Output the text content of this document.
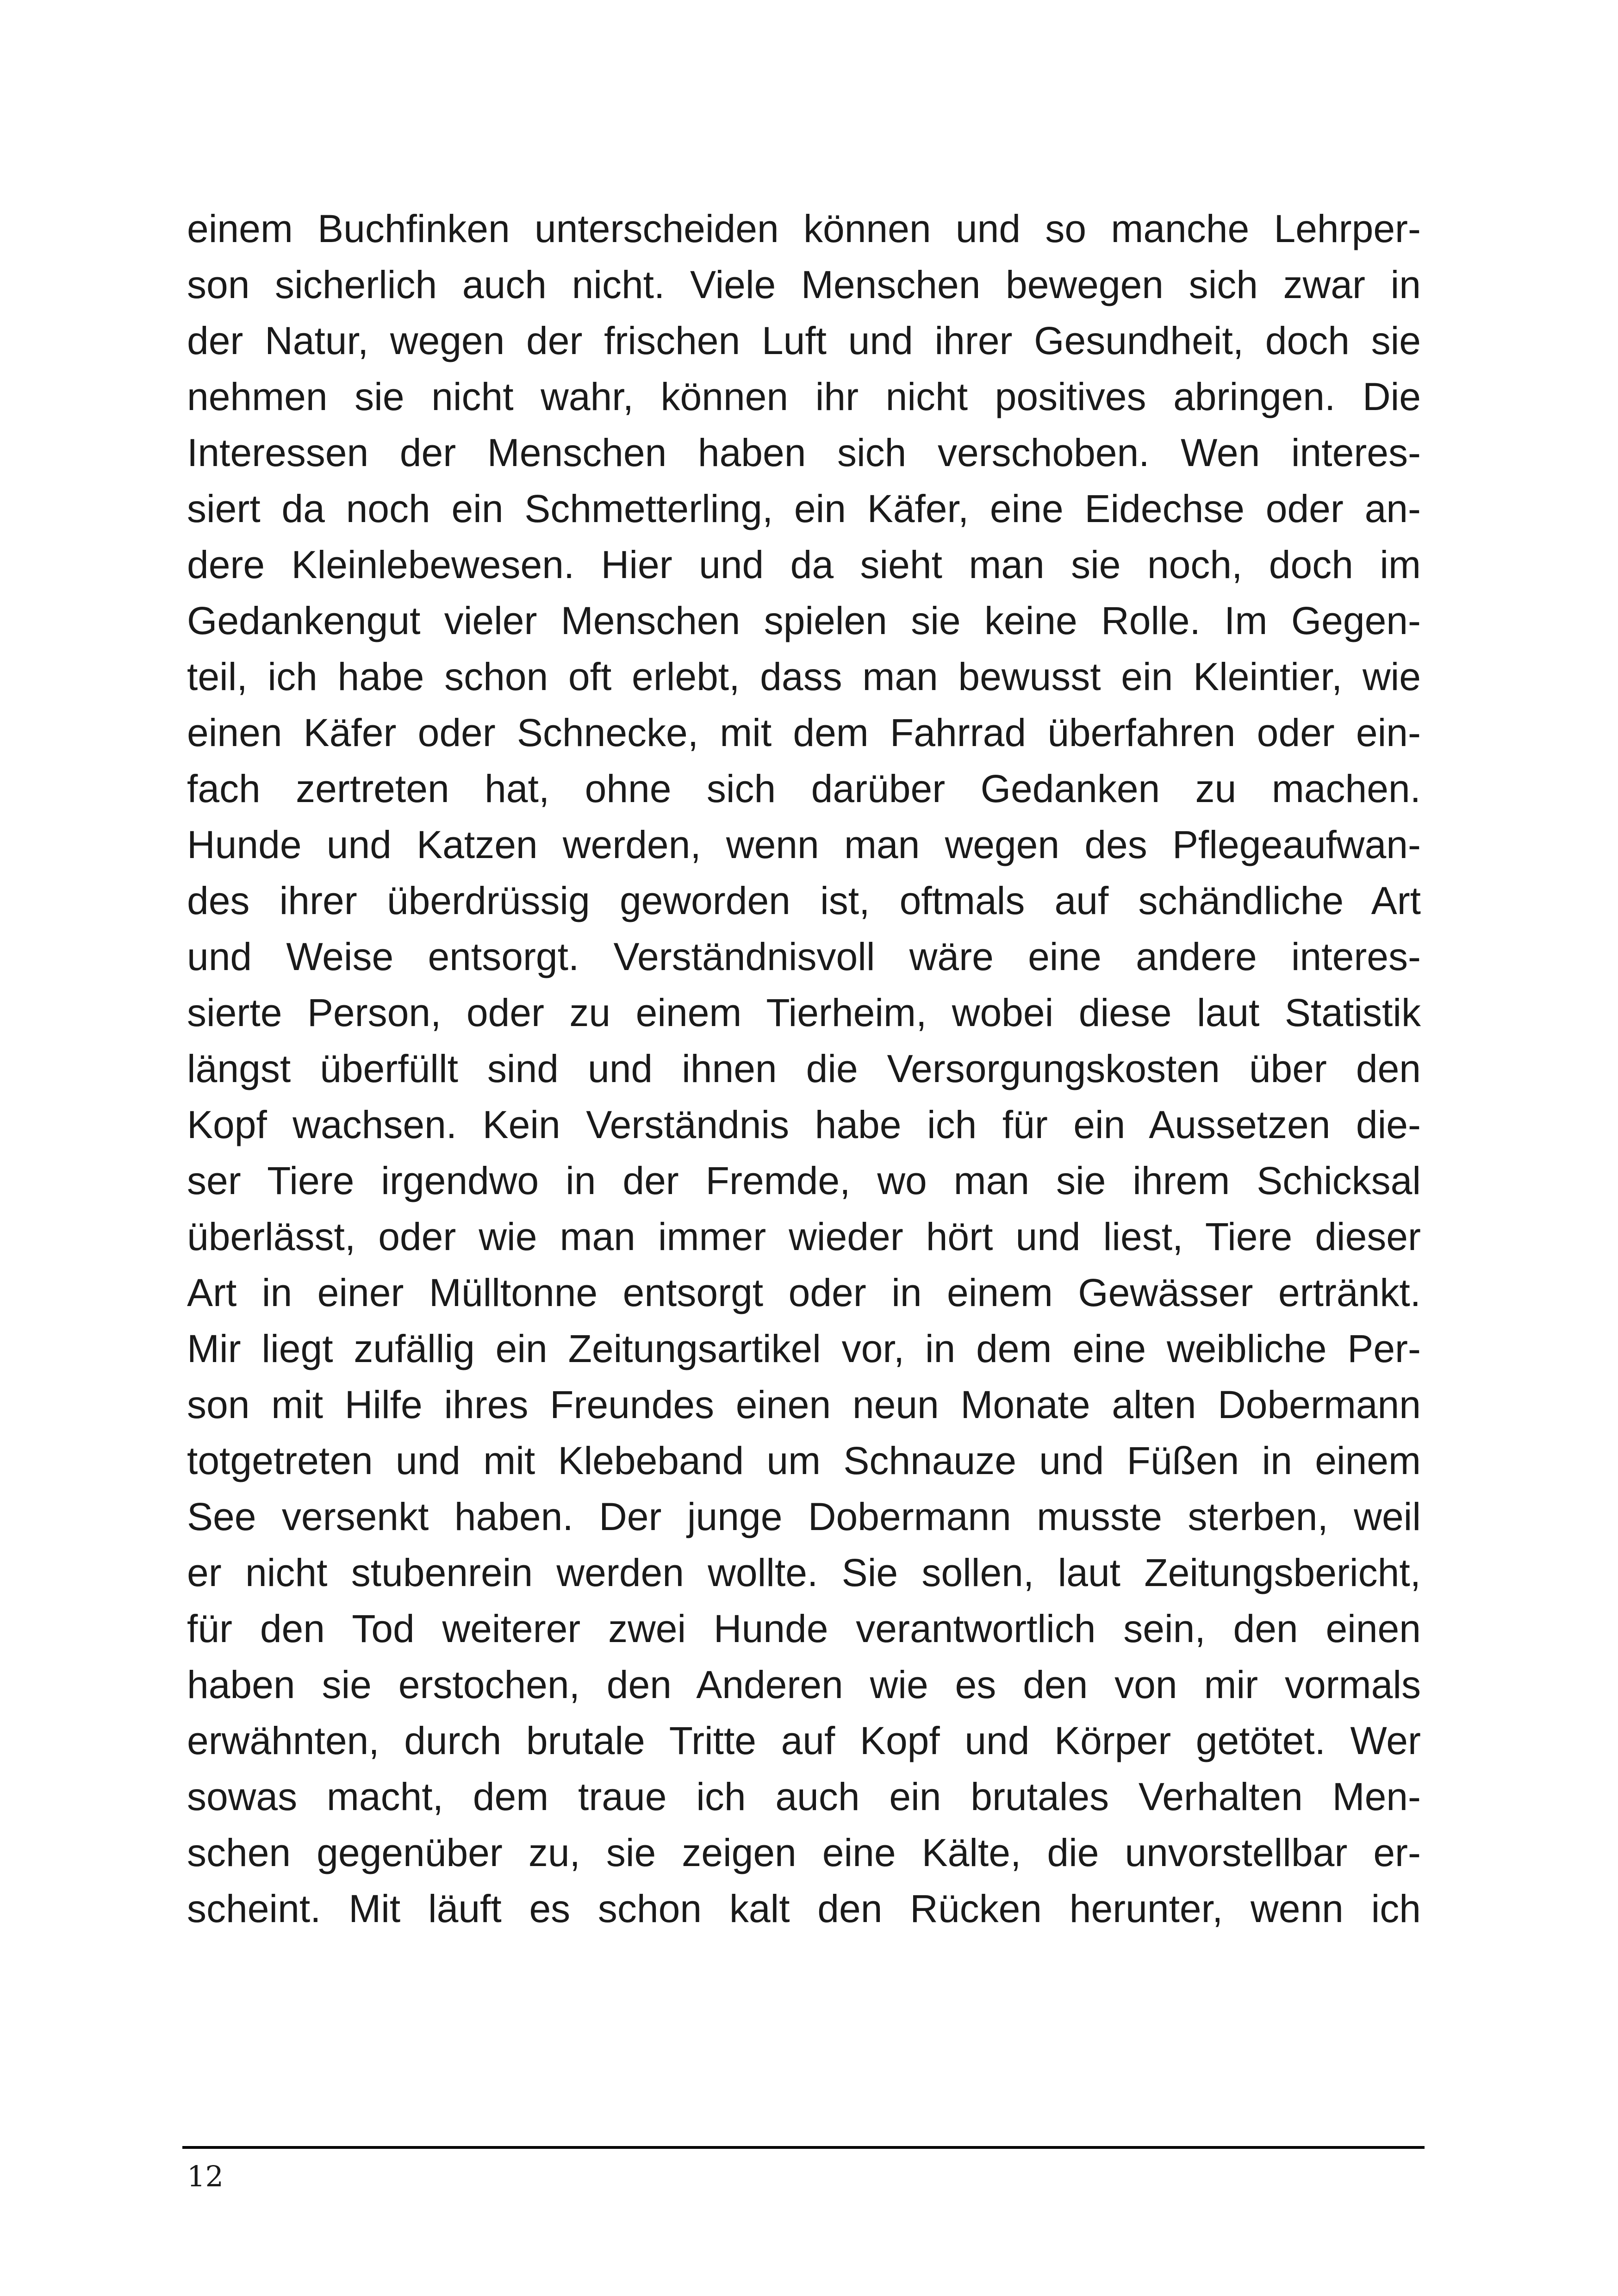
einem Buchfinken unterscheiden können und so manche Lehrper-
son sicherlich auch nicht. Viele Menschen bewegen sich zwar in
der Natur, wegen der frischen Luft und ihrer Gesundheit, doch sie
nehmen sie nicht wahr, können ihr nicht positives abringen. Die
Interessen der Menschen haben sich verschoben. Wen interes-
siert da noch ein Schmetterling, ein Käfer, eine Eidechse oder an-
dere Kleinlebewesen. Hier und da sieht man sie noch, doch im
Gedankengut vieler Menschen spielen sie keine Rolle. Im Gegen-
teil, ich habe schon oft erlebt, dass man bewusst ein Kleintier, wie
einen Käfer oder Schnecke, mit dem Fahrrad überfahren oder ein-
fach zertreten hat, ohne sich darüber Gedanken zu machen.
Hunde und Katzen werden, wenn man wegen des Pflegeaufwan-
des ihrer überdrüssig geworden ist, oftmals auf schändliche Art
und Weise entsorgt. Verständnisvoll wäre eine andere interes-
sierte Person, oder zu einem Tierheim, wobei diese laut Statistik
längst überfüllt sind und ihnen die Versorgungskosten über den
Kopf wachsen. Kein Verständnis habe ich für ein Aussetzen die-
ser Tiere irgendwo in der Fremde, wo man sie ihrem Schicksal
überlässt, oder wie man immer wieder hört und liest, Tiere dieser
Art in einer Mülltonne entsorgt oder in einem Gewässer ertränkt.
Mir liegt zufällig ein Zeitungsartikel vor, in dem eine weibliche Per-
son mit Hilfe ihres Freundes einen neun Monate alten Dobermann
totgetreten und mit Klebeband um Schnauze und Füßen in einem
See versenkt haben. Der junge Dobermann musste sterben, weil
er nicht stubenrein werden wollte. Sie sollen, laut Zeitungsbericht,
für den Tod weiterer zwei Hunde verantwortlich sein, den einen
haben sie erstochen, den Anderen wie es den von mir vormals
erwähnten, durch brutale Tritte auf Kopf und Körper getötet. Wer
sowas macht, dem traue ich auch ein brutales Verhalten Men-
schen gegenüber zu, sie zeigen eine Kälte, die unvorstellbar er-
scheint. Mit läuft es schon kalt den Rücken herunter, wenn ich
12
